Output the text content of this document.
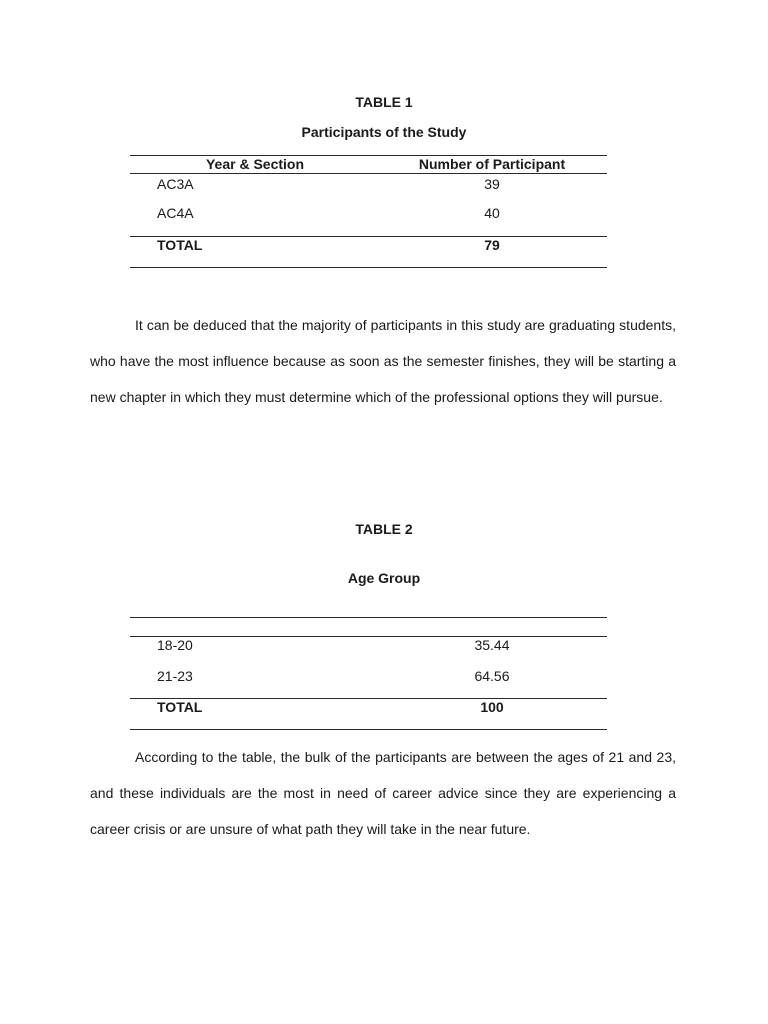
TABLE 1
Participants of the Study
Year & Section	Number of Participant
AC3A	39
AC4A	40
TOTAL	79
It can be deduced that the majority of participants in this study are graduating students, who have the most influence because as soon as the semester finishes, they will be starting a new chapter in which they must determine which of the professional options they will pursue.
TABLE 2
Age Group
18-20	35.44
21-23	64.56
TOTAL	100
According to the table, the bulk of the participants are between the ages of 21 and 23, and these individuals are the most in need of career advice since they are experiencing a career crisis or are unsure of what path they will take in the near future.
